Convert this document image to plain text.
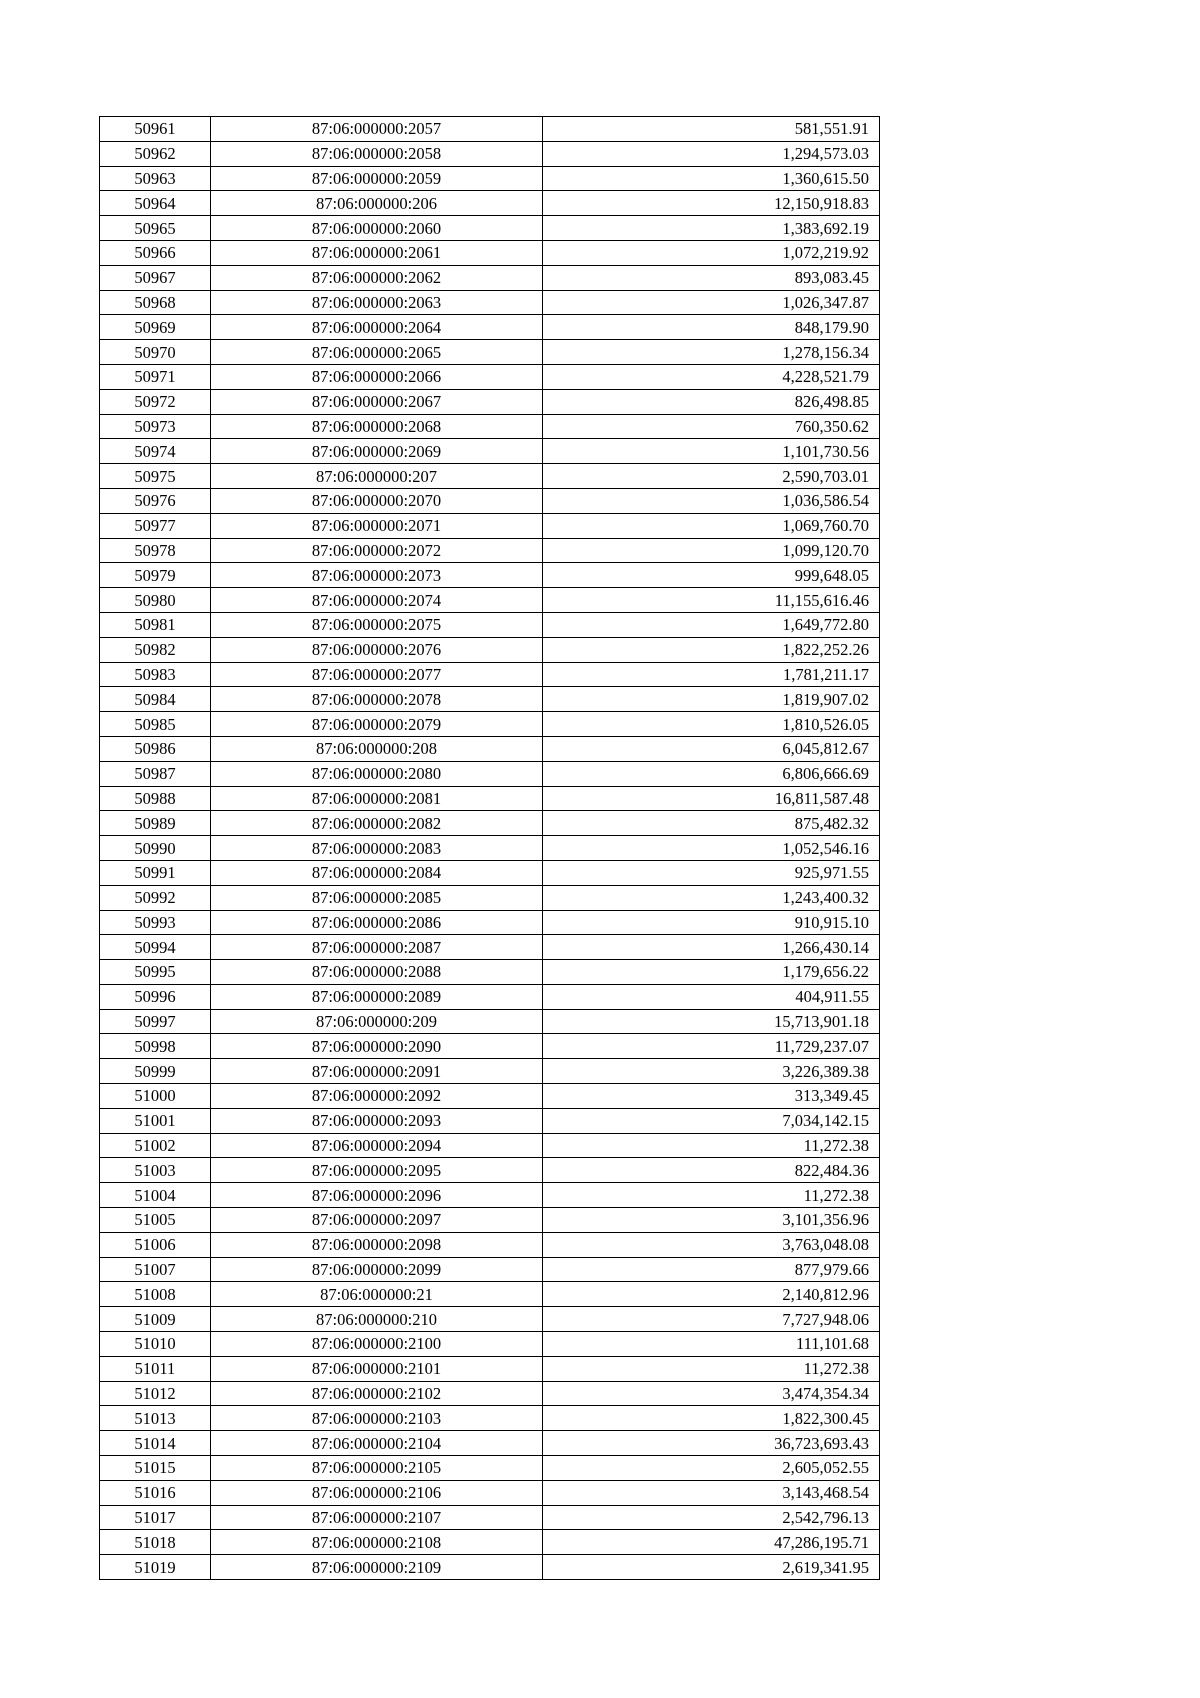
50961	87:06:000000:2057	581,551.91
50962	87:06:000000:2058	1,294,573.03
50963	87:06:000000:2059	1,360,615.50
50964	87:06:000000:206	12,150,918.83
50965	87:06:000000:2060	1,383,692.19
50966	87:06:000000:2061	1,072,219.92
50967	87:06:000000:2062	893,083.45
50968	87:06:000000:2063	1,026,347.87
50969	87:06:000000:2064	848,179.90
50970	87:06:000000:2065	1,278,156.34
50971	87:06:000000:2066	4,228,521.79
50972	87:06:000000:2067	826,498.85
50973	87:06:000000:2068	760,350.62
50974	87:06:000000:2069	1,101,730.56
50975	87:06:000000:207	2,590,703.01
50976	87:06:000000:2070	1,036,586.54
50977	87:06:000000:2071	1,069,760.70
50978	87:06:000000:2072	1,099,120.70
50979	87:06:000000:2073	999,648.05
50980	87:06:000000:2074	11,155,616.46
50981	87:06:000000:2075	1,649,772.80
50982	87:06:000000:2076	1,822,252.26
50983	87:06:000000:2077	1,781,211.17
50984	87:06:000000:2078	1,819,907.02
50985	87:06:000000:2079	1,810,526.05
50986	87:06:000000:208	6,045,812.67
50987	87:06:000000:2080	6,806,666.69
50988	87:06:000000:2081	16,811,587.48
50989	87:06:000000:2082	875,482.32
50990	87:06:000000:2083	1,052,546.16
50991	87:06:000000:2084	925,971.55
50992	87:06:000000:2085	1,243,400.32
50993	87:06:000000:2086	910,915.10
50994	87:06:000000:2087	1,266,430.14
50995	87:06:000000:2088	1,179,656.22
50996	87:06:000000:2089	404,911.55
50997	87:06:000000:209	15,713,901.18
50998	87:06:000000:2090	11,729,237.07
50999	87:06:000000:2091	3,226,389.38
51000	87:06:000000:2092	313,349.45
51001	87:06:000000:2093	7,034,142.15
51002	87:06:000000:2094	11,272.38
51003	87:06:000000:2095	822,484.36
51004	87:06:000000:2096	11,272.38
51005	87:06:000000:2097	3,101,356.96
51006	87:06:000000:2098	3,763,048.08
51007	87:06:000000:2099	877,979.66
51008	87:06:000000:21	2,140,812.96
51009	87:06:000000:210	7,727,948.06
51010	87:06:000000:2100	111,101.68
51011	87:06:000000:2101	11,272.38
51012	87:06:000000:2102	3,474,354.34
51013	87:06:000000:2103	1,822,300.45
51014	87:06:000000:2104	36,723,693.43
51015	87:06:000000:2105	2,605,052.55
51016	87:06:000000:2106	3,143,468.54
51017	87:06:000000:2107	2,542,796.13
51018	87:06:000000:2108	47,286,195.71
51019	87:06:000000:2109	2,619,341.95
